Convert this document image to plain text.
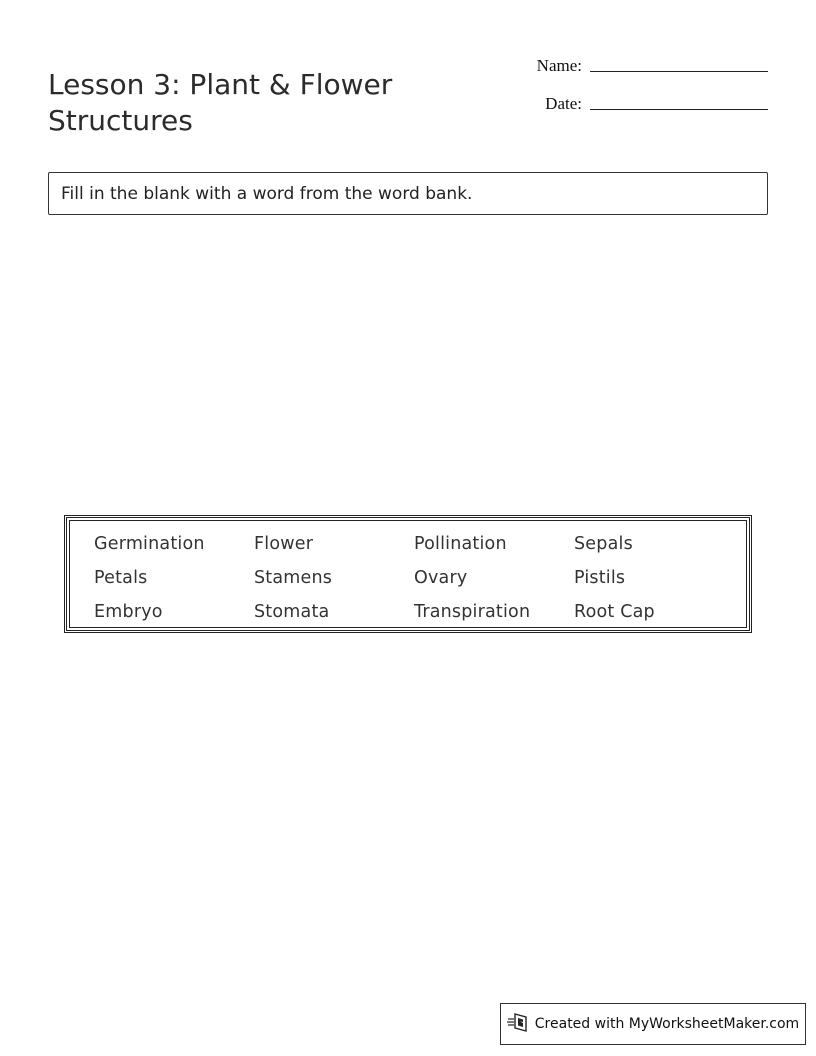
Lesson 3: Plant & Flower Structures
Name:
Date:
Fill in the blank with a word from the word bank.
Germination	Flower	Pollination	Sepals
Petals	Stamens	Ovary	Pistils
Embryo	Stomata	Transpiration	Root Cap
Created with MyWorksheetMaker.com
